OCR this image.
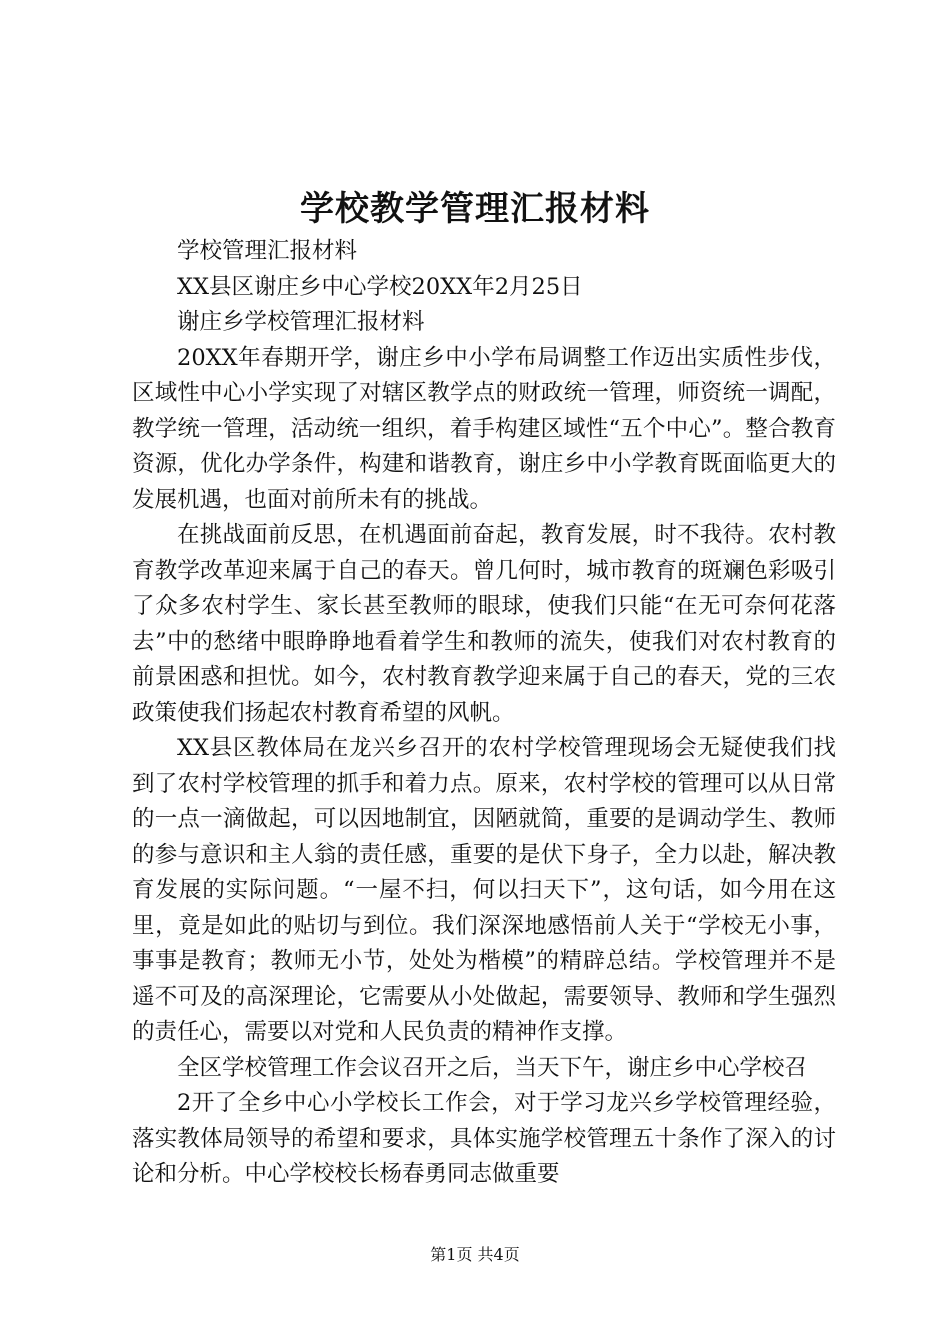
学校教学管理汇报材料

学校管理汇报材料

XX县区谢庄乡中心学校20XX年2月25日

谢庄乡学校管理汇报材料

20XX年春期开学，谢庄乡中小学布局调整工作迈出实质性步伐，区域性中心小学实现了对辖区教学点的财政统一管理，师资统一调配，教学统一管理，活动统一组织，着手构建区域性“五个中心”。整合教育资源，优化办学条件，构建和谐教育，谢庄乡中小学教育既面临更大的发展机遇，也面对前所未有的挑战。

在挑战面前反思，在机遇面前奋起，教育发展，时不我待。农村教育教学改革迎来属于自己的春天。曾几何时，城市教育的斑斓色彩吸引了众多农村学生、家长甚至教师的眼球，使我们只能“在无可奈何花落去”中的愁绪中眼睁睁地看着学生和教师的流失，使我们对农村教育的前景困惑和担忧。如今，农村教育教学迎来属于自己的春天，党的三农政策使我们扬起农村教育希望的风帆。

XX县区教体局在龙兴乡召开的农村学校管理现场会无疑使我们找到了农村学校管理的抓手和着力点。原来，农村学校的管理可以从日常的一点一滴做起，可以因地制宜，因陋就简，重要的是调动学生、教师的参与意识和主人翁的责任感，重要的是伏下身子，全力以赴，解决教育发展的实际问题。“一屋不扫，何以扫天下”，这句话，如今用在这里，竟是如此的贴切与到位。我们深深地感悟前人关于“学校无小事，事事是教育；教师无小节，处处为楷模”的精辟总结。学校管理并不是遥不可及的高深理论，它需要从小处做起，需要领导、教师和学生强烈的责任心，需要以对党和人民负责的精神作支撑。

全区学校管理工作会议召开之后，当天下午，谢庄乡中心学校召

2开了全乡中心小学校长工作会，对于学习龙兴乡学校管理经验，落实教体局领导的希望和要求，具体实施学校管理五十条作了深入的讨论和分析。中心学校校长杨春勇同志做重要

第1页 共4页
